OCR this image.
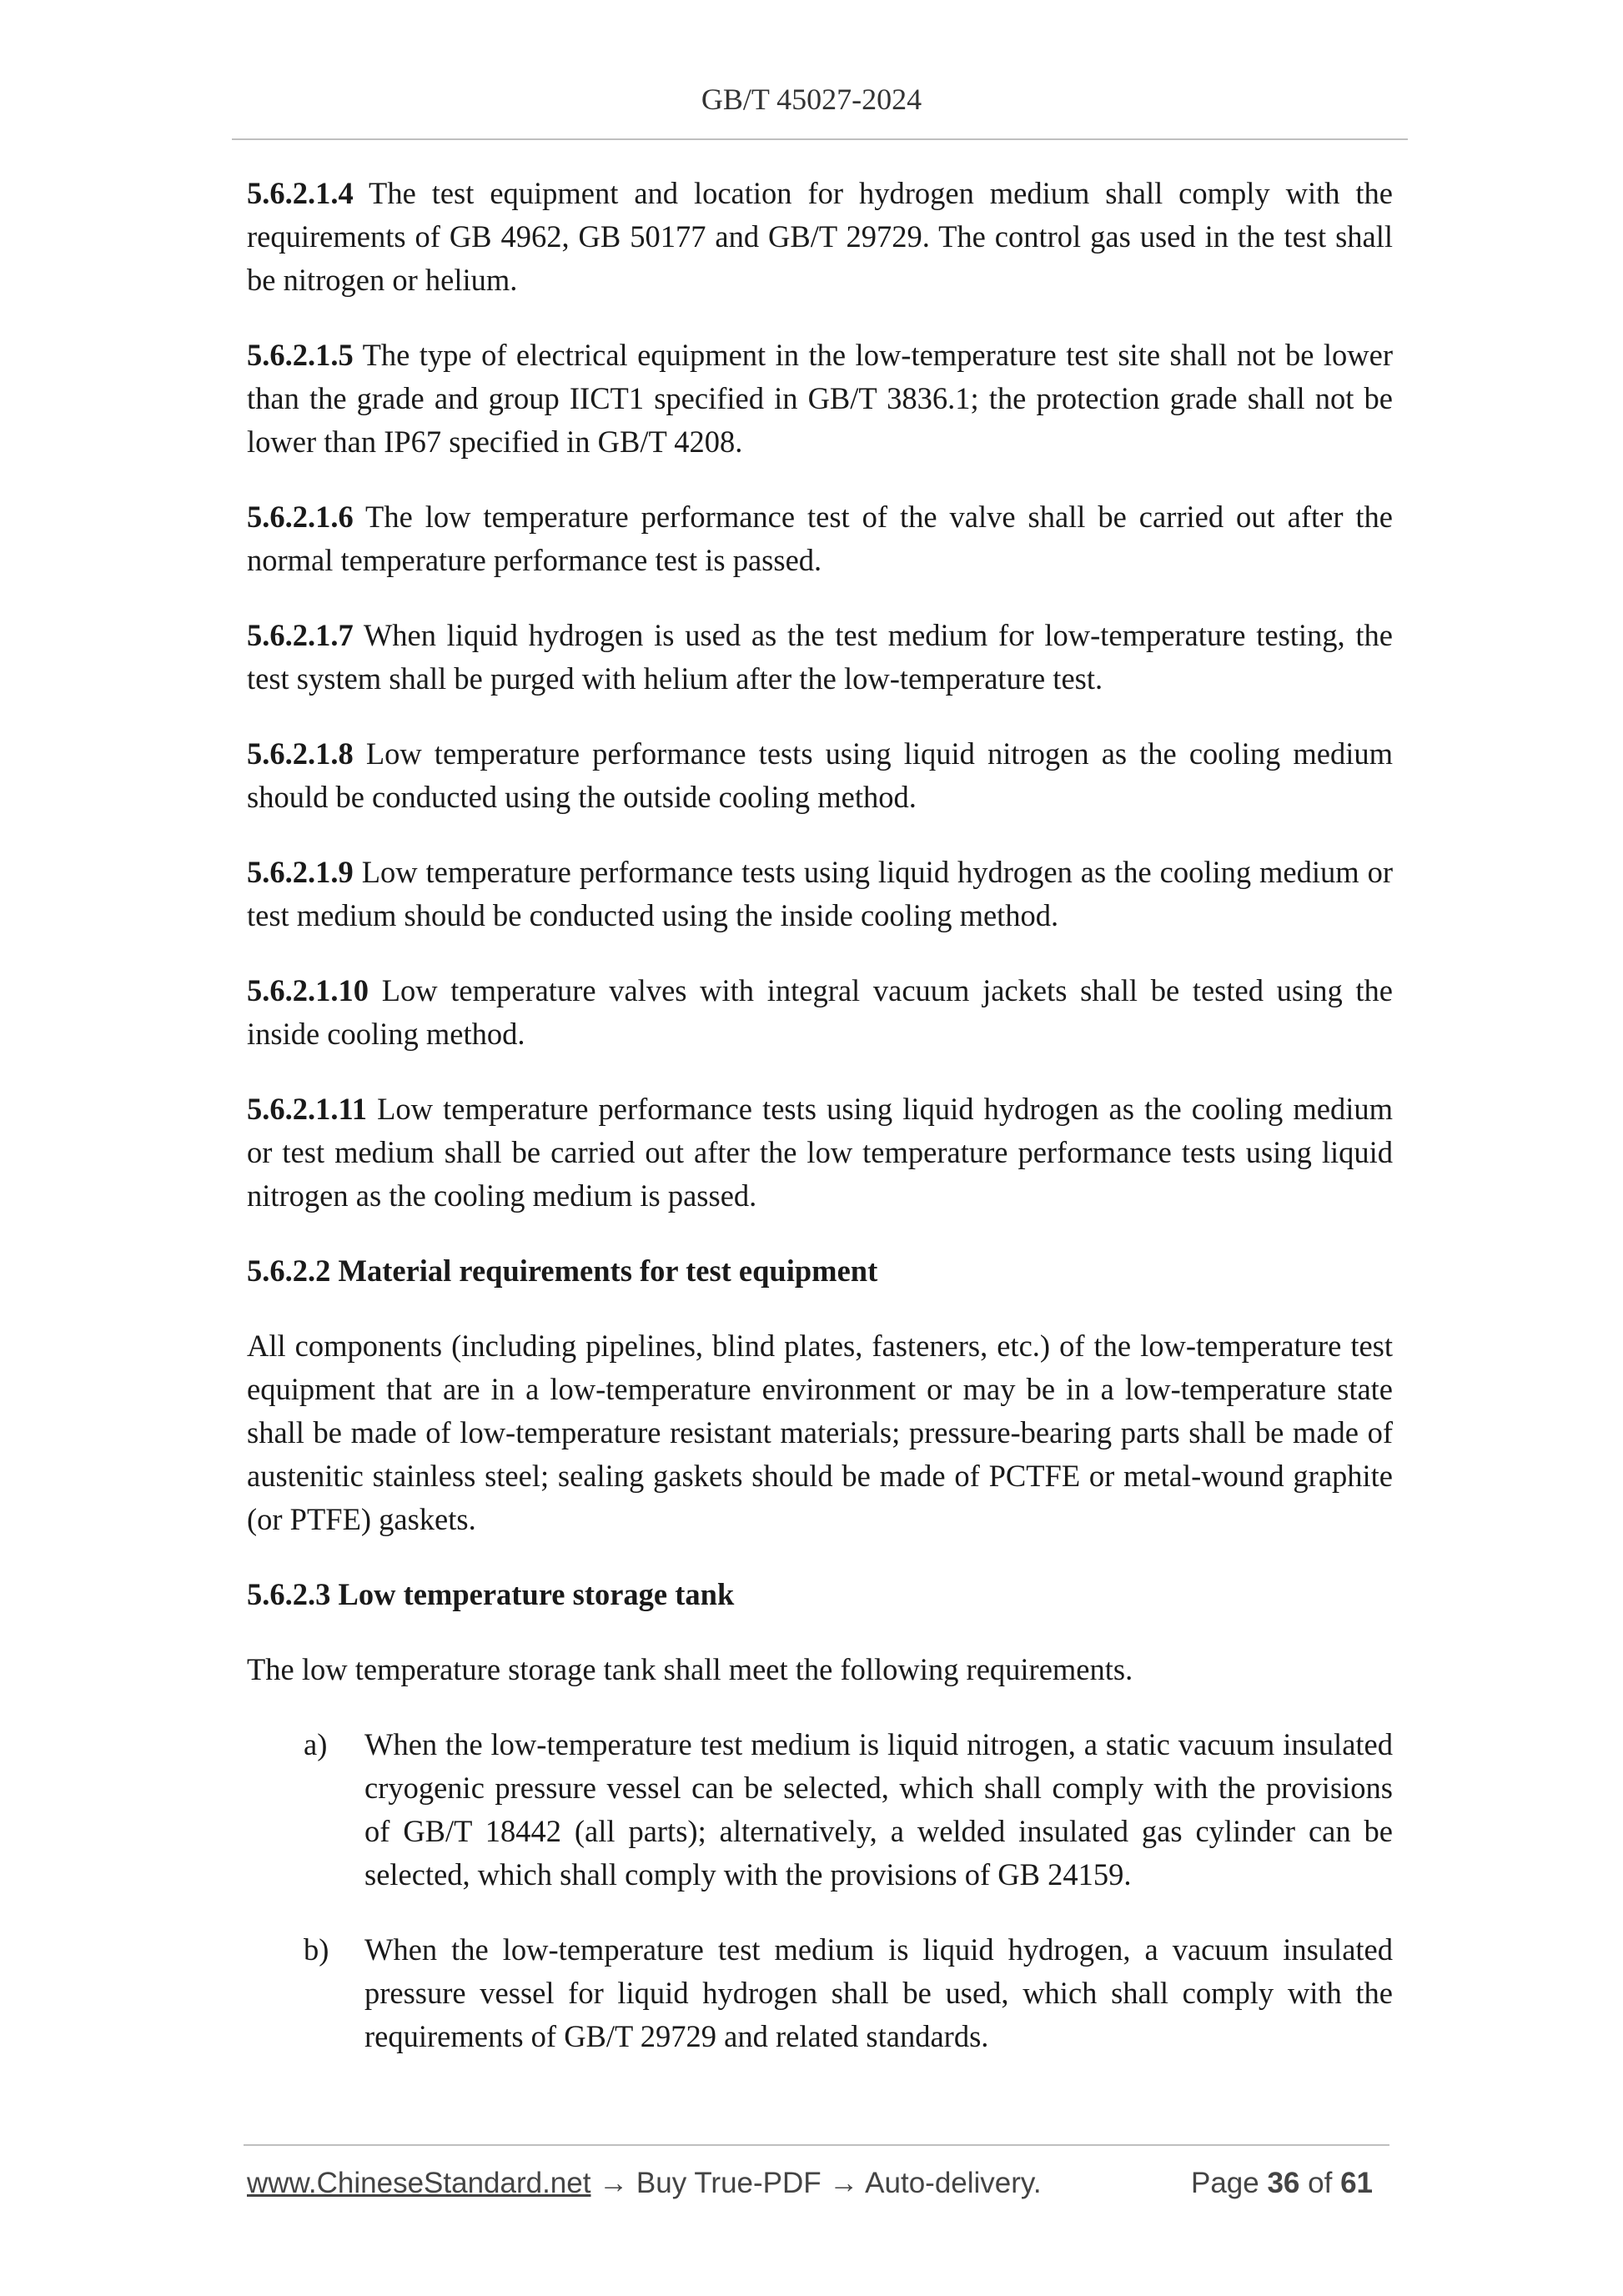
GB/T 45027-2024

5.6.2.1.4 The test equipment and location for hydrogen medium shall comply with the requirements of GB 4962, GB 50177 and GB/T 29729. The control gas used in the test shall be nitrogen or helium.

5.6.2.1.5 The type of electrical equipment in the low-temperature test site shall not be lower than the grade and group IICT1 specified in GB/T 3836.1; the protection grade shall not be lower than IP67 specified in GB/T 4208.

5.6.2.1.6 The low temperature performance test of the valve shall be carried out after the normal temperature performance test is passed.

5.6.2.1.7 When liquid hydrogen is used as the test medium for low-temperature testing, the test system shall be purged with helium after the low-temperature test.

5.6.2.1.8 Low temperature performance tests using liquid nitrogen as the cooling medium should be conducted using the outside cooling method.

5.6.2.1.9 Low temperature performance tests using liquid hydrogen as the cooling medium or test medium should be conducted using the inside cooling method.

5.6.2.1.10 Low temperature valves with integral vacuum jackets shall be tested using the inside cooling method.

5.6.2.1.11 Low temperature performance tests using liquid hydrogen as the cooling medium or test medium shall be carried out after the low temperature performance tests using liquid nitrogen as the cooling medium is passed.

5.6.2.2 Material requirements for test equipment

All components (including pipelines, blind plates, fasteners, etc.) of the low-temperature test equipment that are in a low-temperature environment or may be in a low-temperature state shall be made of low-temperature resistant materials; pressure-bearing parts shall be made of austenitic stainless steel; sealing gaskets should be made of PCTFE or metal-wound graphite (or PTFE) gaskets.

5.6.2.3 Low temperature storage tank

The low temperature storage tank shall meet the following requirements.

a) When the low-temperature test medium is liquid nitrogen, a static vacuum insulated cryogenic pressure vessel can be selected, which shall comply with the provisions of GB/T 18442 (all parts); alternatively, a welded insulated gas cylinder can be selected, which shall comply with the provisions of GB 24159.
b) When the low-temperature test medium is liquid hydrogen, a vacuum insulated pressure vessel for liquid hydrogen shall be used, which shall comply with the requirements of GB/T 29729 and related standards.
www.ChineseStandard.net → Buy True-PDF → Auto-delivery.	Page 36 of 61
